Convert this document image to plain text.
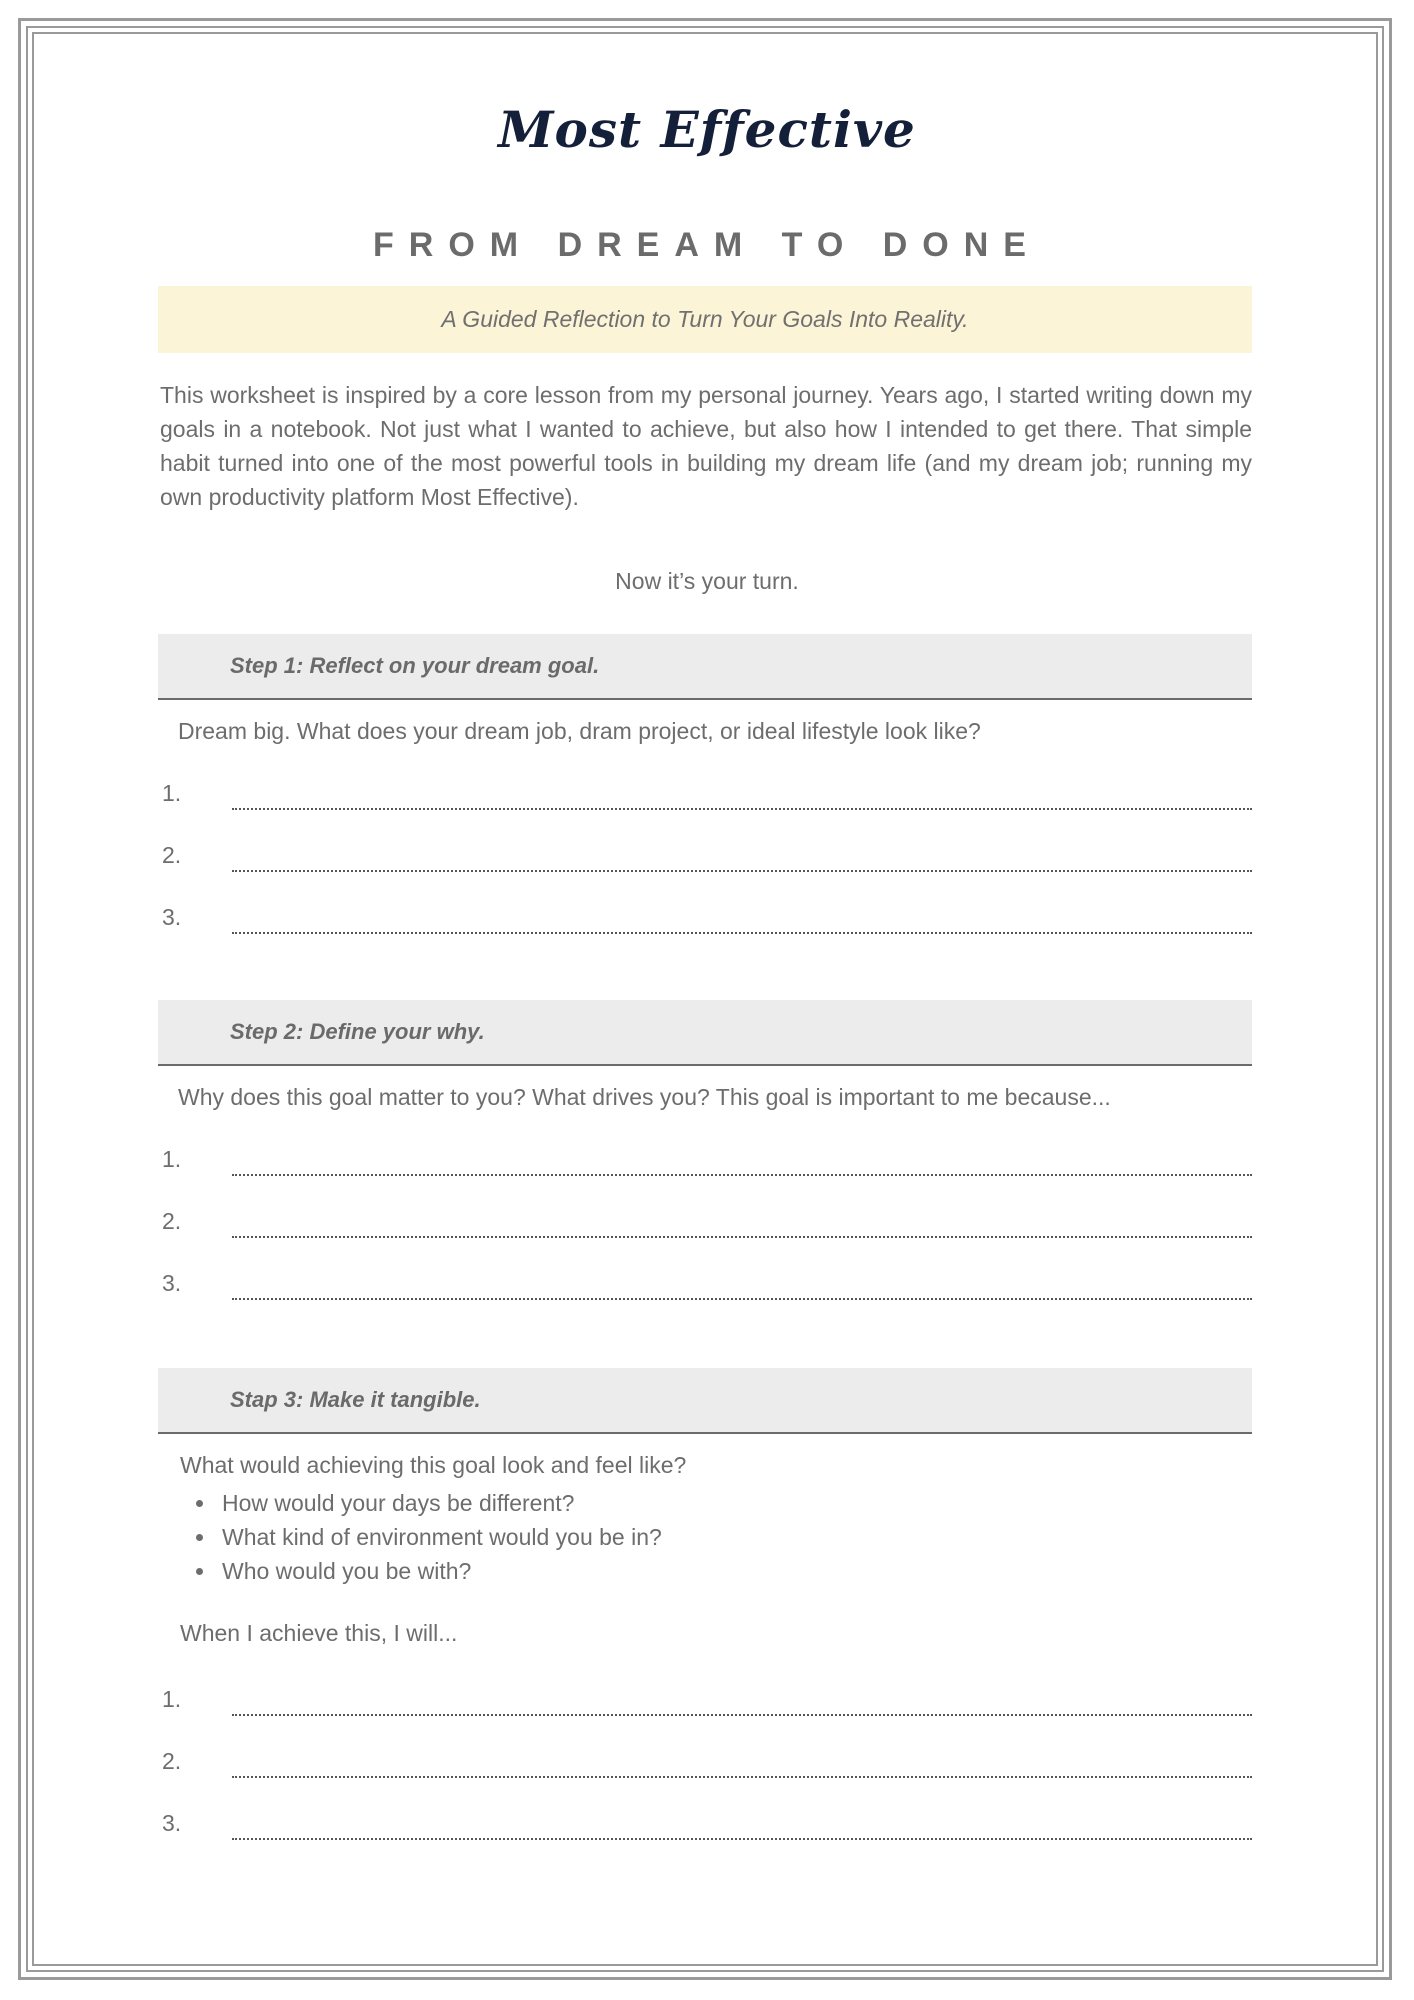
Most Effective
FROM DREAM TO DONE
A Guided Reflection to Turn Your Goals Into Reality.
This worksheet is inspired by a core lesson from my personal journey. Years ago, I started writing down my goals in a notebook. Not just what I wanted to achieve, but also how I intended to get there. That simple habit turned into one of the most powerful tools in building my dream life (and my dream job; running my own productivity platform Most Effective).
Now it’s your turn.
Step 1: Reflect on your dream goal.
Dream big. What does your dream job, dram project, or ideal lifestyle look like?
1.
2.
3.
Step 2: Define your why.
Why does this goal matter to you? What drives you? This goal is important to me because...
1.
2.
3.
Stap 3: Make it tangible.
What would achieving this goal look and feel like?
How would your days be different?
What kind of environment would you be in?
Who would you be with?
When I achieve this, I will...
1.
2.
3.
